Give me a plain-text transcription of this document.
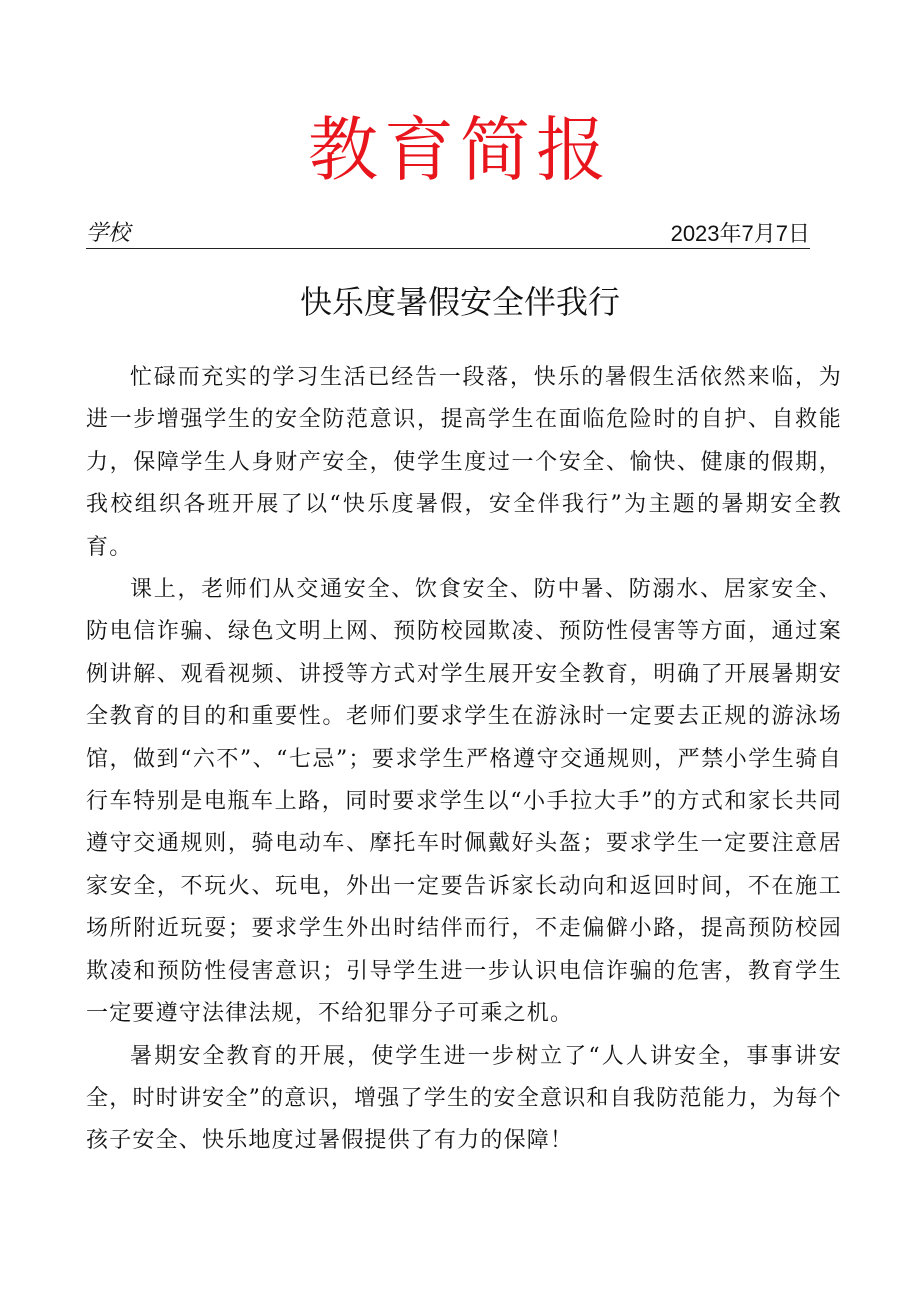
教育简报
学校	2023年7月7日
快乐度暑假安全伴我行

忙碌而充实的学习生活已经告一段落，快乐的暑假生活依然来临，为进一步增强学生的安全防范意识，提高学生在面临危险时的自护、自救能力，保障学生人身财产安全，使学生度过一个安全、愉快、健康的假期，我校组织各班开展了以“快乐度暑假，安全伴我行”为主题的暑期安全教育。

课上，老师们从交通安全、饮食安全、防中暑、防溺水、居家安全、防电信诈骗、绿色文明上网、预防校园欺凌、预防性侵害等方面，通过案例讲解、观看视频、讲授等方式对学生展开安全教育，明确了开展暑期安全教育的目的和重要性。老师们要求学生在游泳时一定要去正规的游泳场馆，做到“六不”、“七忌”；要求学生严格遵守交通规则，严禁小学生骑自行车特别是电瓶车上路，同时要求学生以“小手拉大手”的方式和家长共同遵守交通规则，骑电动车、摩托车时佩戴好头盔；要求学生一定要注意居家安全，不玩火、玩电，外出一定要告诉家长动向和返回时间，不在施工场所附近玩耍；要求学生外出时结伴而行，不走偏僻小路，提高预防校园欺凌和预防性侵害意识；引导学生进一步认识电信诈骗的危害，教育学生一定要遵守法律法规，不给犯罪分子可乘之机。

暑期安全教育的开展，使学生进一步树立了“人人讲安全，事事讲安全，时时讲安全”的意识，增强了学生的安全意识和自我防范能力，为每个孩子安全、快乐地度过暑假提供了有力的保障！
